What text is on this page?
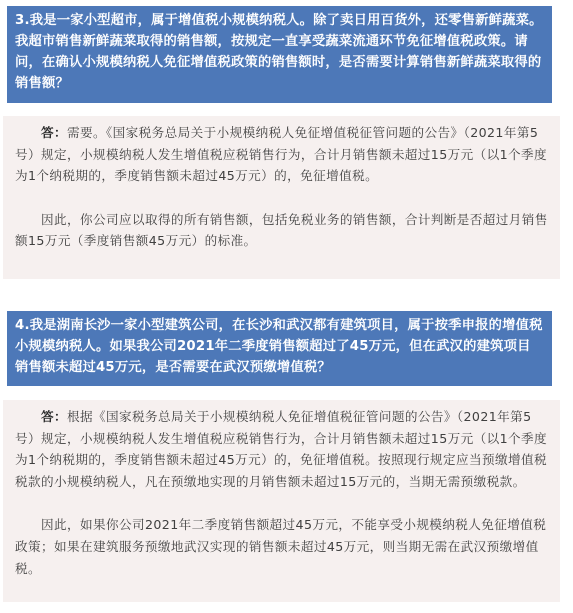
3.我是一家小型超市，属于增值税小规模纳税人。除了卖日用百货外，还零售新鲜蔬菜。我超市销售新鲜蔬菜取得的销售额，按规定一直享受蔬菜流通环节免征增值税政策。请问，在确认小规模纳税人免征增值税政策的销售额时，是否需要计算销售新鲜蔬菜取得的销售额？

答：需要。《国家税务总局关于小规模纳税人免征增值税征管问题的公告》（2021年第5号）规定，小规模纳税人发生增值税应税销售行为，合计月销售额未超过15万元（以1个季度为1个纳税期的，季度销售额未超过45万元）的，免征增值税。

因此，你公司应以取得的所有销售额，包括免税业务的销售额，合计判断是否超过月销售额15万元（季度销售额45万元）的标准。

4.我是湖南长沙一家小型建筑公司，在长沙和武汉都有建筑项目，属于按季申报的增值税小规模纳税人。如果我公司2021年二季度销售额超过了45万元，但在武汉的建筑项目销售额未超过45万元，是否需要在武汉预缴增值税？

答：根据《国家税务总局关于小规模纳税人免征增值税征管问题的公告》（2021年第5号）规定，小规模纳税人发生增值税应税销售行为，合计月销售额未超过15万元（以1个季度为1个纳税期的，季度销售额未超过45万元）的，免征增值税。按照现行规定应当预缴增值税税款的小规模纳税人，凡在预缴地实现的月销售额未超过15万元的，当期无需预缴税款。

因此，如果你公司2021年二季度销售额超过45万元，不能享受小规模纳税人免征增值税政策；如果在建筑服务预缴地武汉实现的销售额未超过45万元，则当期无需在武汉预缴增值税。
